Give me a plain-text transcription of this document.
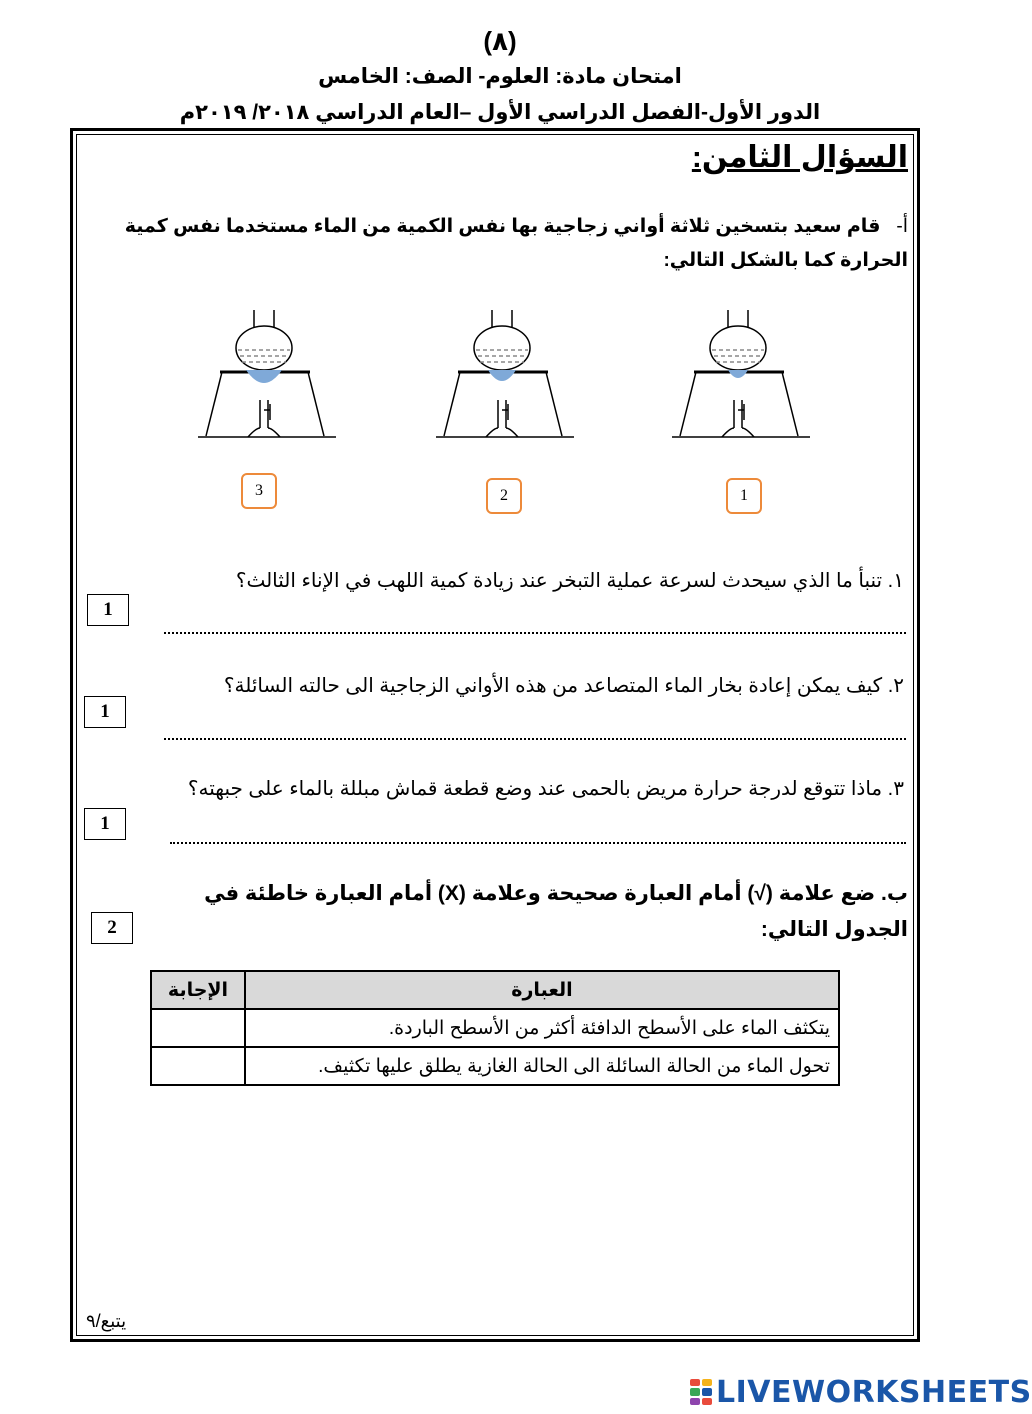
(٨)
امتحان مادة: العلوم- الصف: الخامس
الدور الأول-الفصل الدراسي الأول –العام الدراسي ٢٠١٨/ ٢٠١٩م
السؤال الثامن:
أ-قام سعيد بتسخين ثلاثة أواني زجاجية بها نفس الكمية من الماء مستخدما نفس كمية الحرارة كما بالشكل التالي:
1
2
3
١. تنبأ ما الذي سيحدث لسرعة عملية التبخر عند زيادة كمية اللهب في الإناء الثالث؟
1
٢. كيف يمكن إعادة بخار الماء المتصاعد من هذه الأواني الزجاجية الى حالته السائلة؟
1
٣. ماذا تتوقع لدرجة حرارة مريض بالحمى عند وضع قطعة قماش مبللة بالماء على جبهته؟
1
ب. ضع علامة (√) أمام العبارة صحيحة وعلامة (X) أمام العبارة خاطئة في الجدول التالي:
2
العبارة	الإجابة
يتكثف الماء على الأسطح الدافئة أكثر من الأسطح الباردة.	
تحول الماء من الحالة السائلة الى الحالة الغازية يطلق عليها تكثيف.	
يتبع/٩
LIVEWORKSHEETS
